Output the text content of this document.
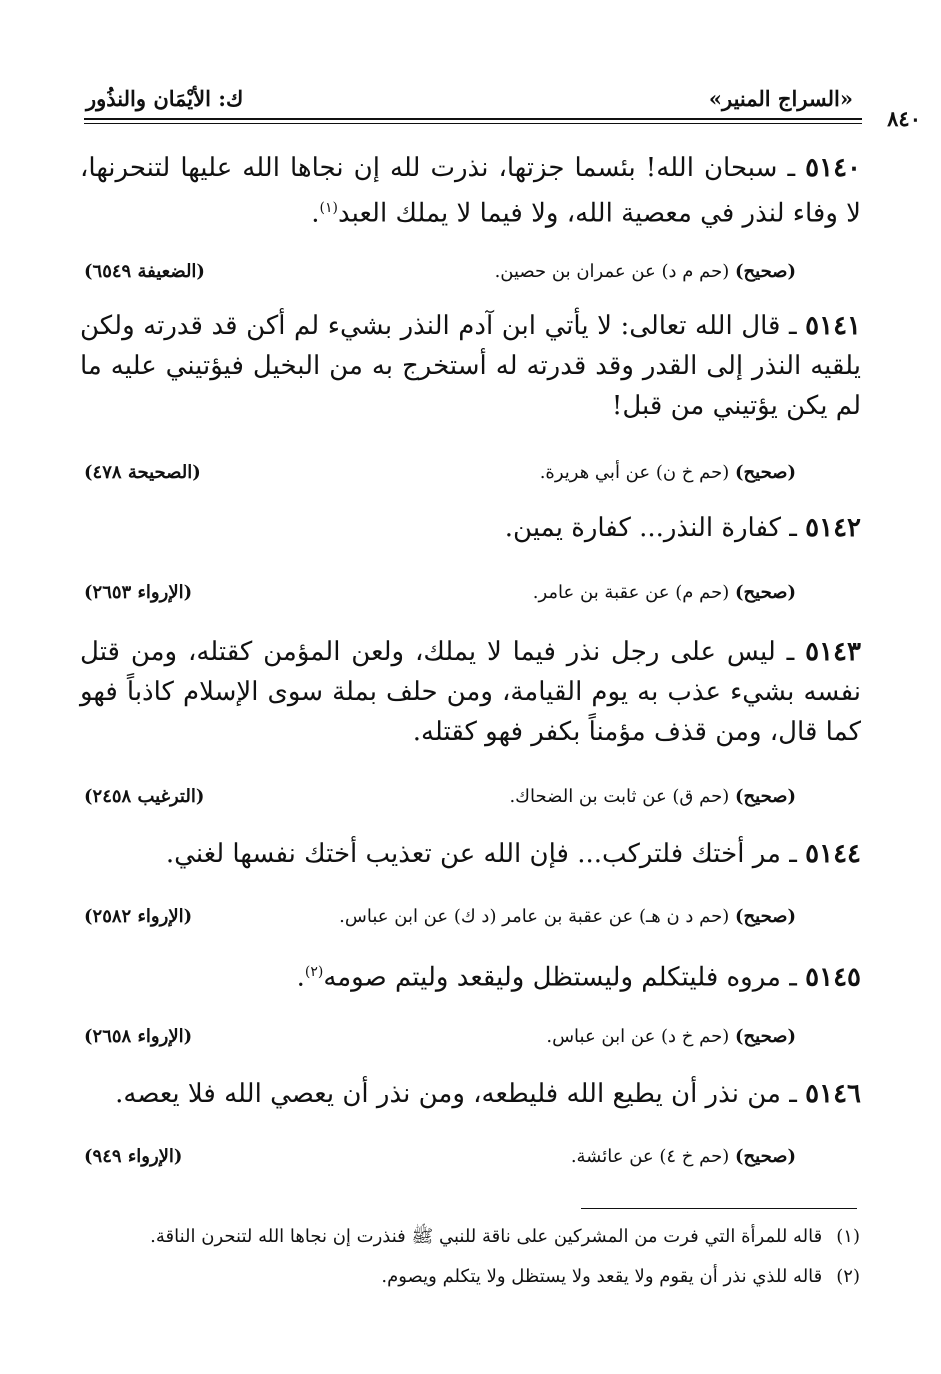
٨٤٠
«السراج المنير»
ك: الأيْمَان والنذُور
٥١٤٠ ـ سبحان الله! بئسما جزتها، نذرت لله إن نجاها الله عليها لتنحرنها، لا وفاء لنذر في معصية الله، ولا فيما لا يملك العبد$^{(١)}$.
(صحيح) (حم م د) عن عمران بن حصين.
(الضعيفة ٦٥٤٩)
٥١٤١ ـ قال الله تعالى: لا يأتي ابن آدم النذر بشيء لم أكن قد قدرته ولكن يلقيه النذر إلى القدر وقد قدرته له أستخرج به من البخيل فيؤتيني عليه ما لم يكن يؤتيني من قبل!
(صحيح) (حم خ ن) عن أبي هريرة.
(الصحيحة ٤٧٨)
٥١٤٢ ـ كفارة النذر... كفارة يمين.
(صحيح) (حم م) عن عقبة بن عامر.
(الإرواء ٢٦٥٣)
٥١٤٣ ـ ليس على رجل نذر فيما لا يملك، ولعن المؤمن كقتله، ومن قتل نفسه بشيء عذب به يوم القيامة، ومن حلف بملة سوى الإسلام كاذباً فهو كما قال، ومن قذف مؤمناً بكفر فهو كقتله.
(صحيح) (حم ق) عن ثابت بن الضحاك.
(الترغيب ٢٤٥٨)
٥١٤٤ ـ مر أختك فلتركب... فإن الله عن تعذيب أختك نفسها لغني.
(صحيح) (حم د ن هـ) عن عقبة بن عامر (د ك) عن ابن عباس.
(الإرواء ٢٥٨٢)
٥١٤٥ ـ مروه فليتكلم وليستظل وليقعد وليتم صومه$^{(٢)}$.
(صحيح) (حم خ د) عن ابن عباس.
(الإرواء ٢٦٥٨)
٥١٤٦ ـ من نذر أن يطيع الله فليطعه، ومن نذر أن يعصي الله فلا يعصه.
(صحيح) (حم خ ٤) عن عائشة.
(الإرواء ٩٤٩)
(١)قاله للمرأة التي فرت من المشركين على ناقة للنبي ﷺ فنذرت إن نجاها الله لتنحرن الناقة.
(٢)قاله للذي نذر أن يقوم ولا يقعد ولا يستظل ولا يتكلم ويصوم.
